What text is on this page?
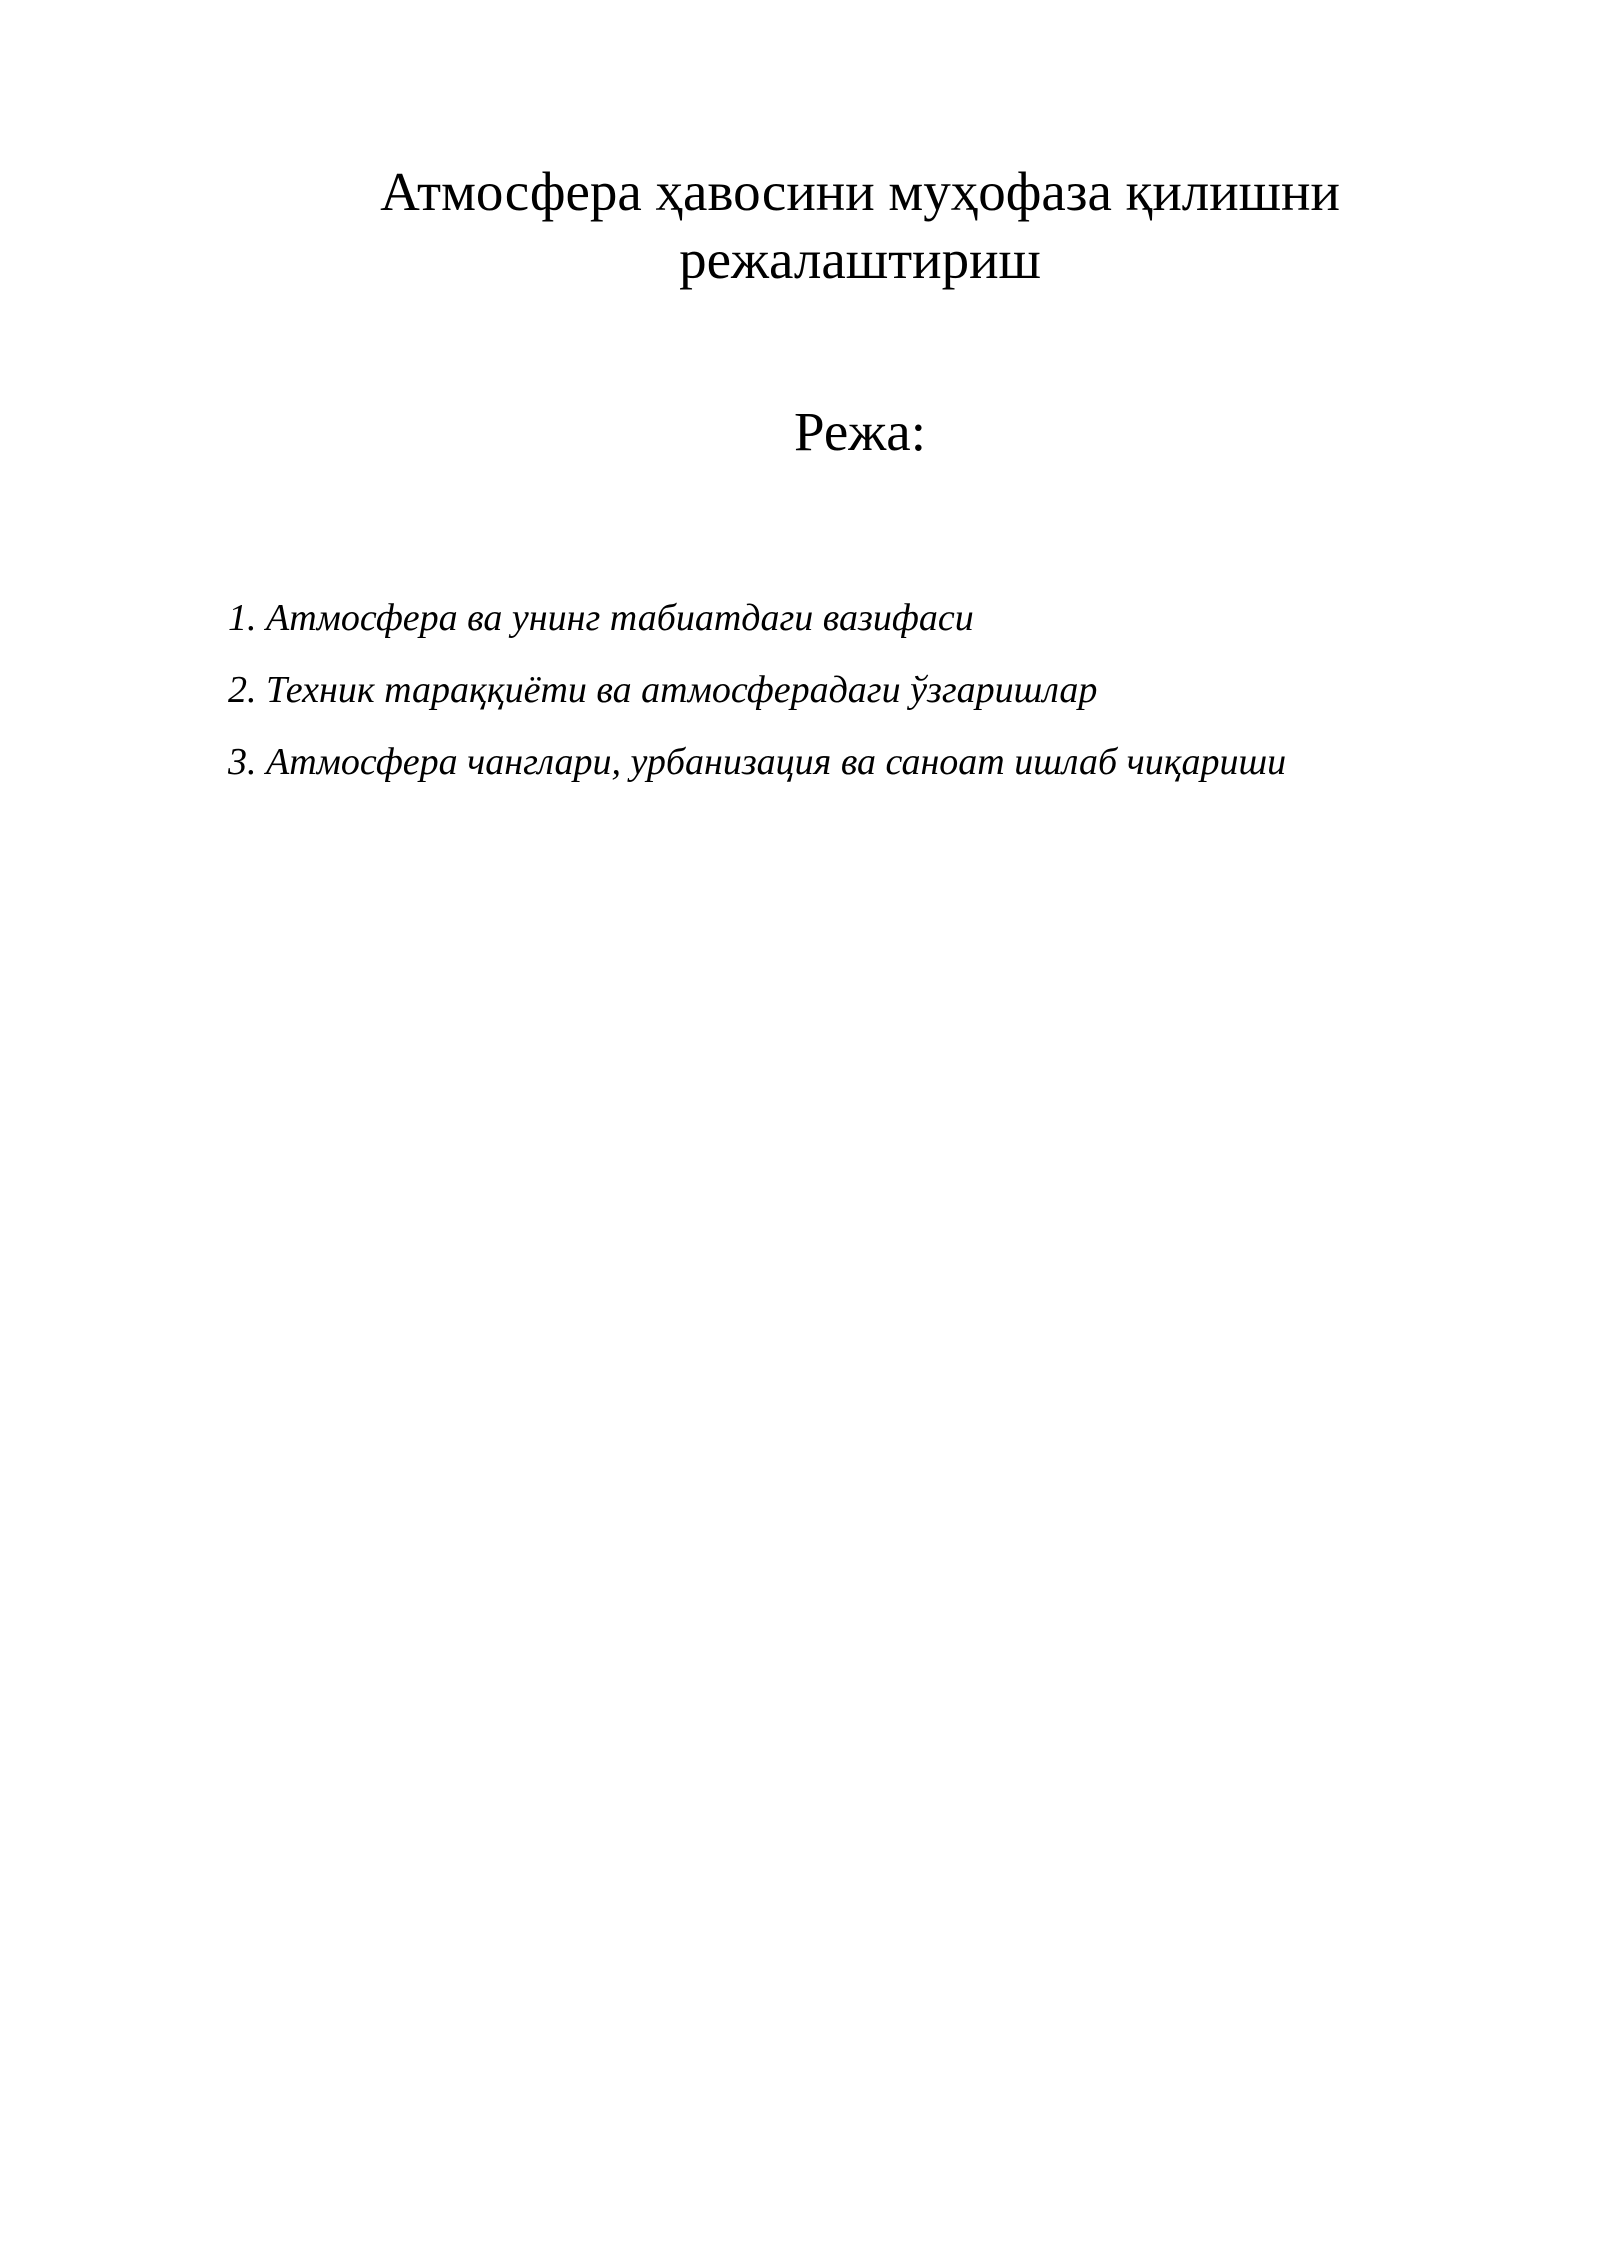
Атмосфера ҳавосини муҳофаза қилишни
режалаштириш
Режа:
1. Атмосфера ва унинг табиатдаги вазифаси
2. Техник тараққиёти ва атмосферадаги ўзгаришлар
3. Атмосфера чанглари, урбанизация ва саноат ишлаб чиқариши
